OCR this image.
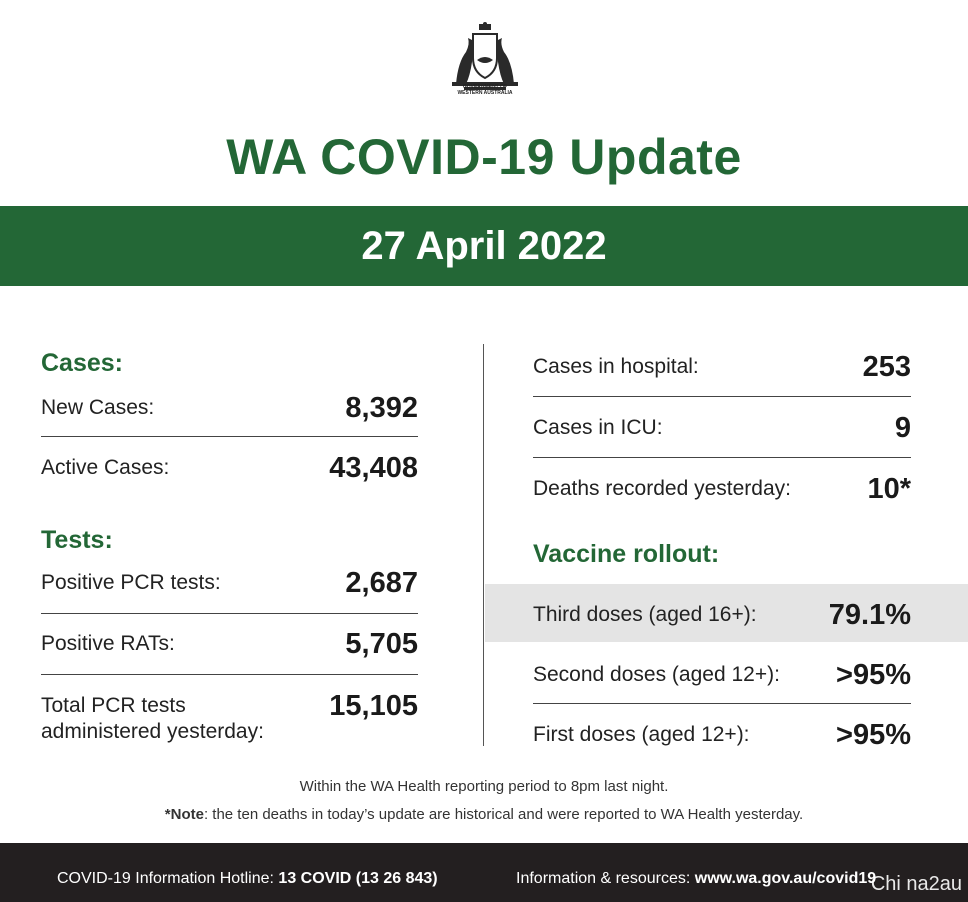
GOVERNMENT OF
WESTERN AUSTRALIA
WA COVID-19 Update
27 April 2022
Cases:
New Cases:	8,392
Active Cases:	43,408
Tests:
Positive PCR tests:	2,687
Positive RATs:	5,705
Total PCR tests
administered yesterday:
15,105
Cases in hospital:	253
Cases in ICU:	9
Deaths recorded yesterday:	10*
Vaccine rollout:
Third doses (aged 16+): 79.1%
Second doses (aged 12+): >95%
First doses (aged 12+):	>95%
Within the WA Health reporting period to 8pm last night.
*Note: the ten deaths in today’s update are historical and were reported to WA Health yesterday.
COVID-19 Information Hotline: 13 COVID (13 26 843)	Information & resources: www.wa.gov.au/covid19
Chi na2au
